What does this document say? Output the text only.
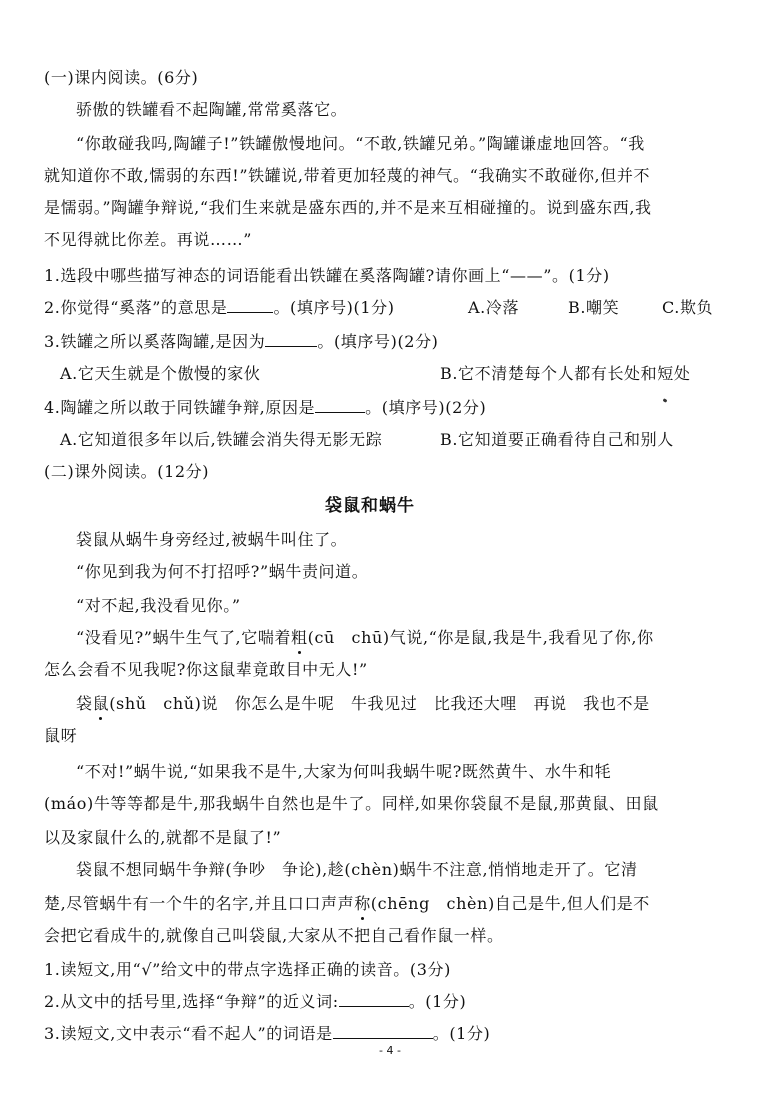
(一)课内阅读。(6分)
骄傲的铁罐看不起陶罐,常常奚落它。
“你敢碰我吗,陶罐子!”铁罐傲慢地问。“不敢,铁罐兄弟。”陶罐谦虚地回答。“我
就知道你不敢,懦弱的东西!”铁罐说,带着更加轻蔑的神气。“我确实不敢碰你,但并不
是懦弱。”陶罐争辩说,“我们生来就是盛东西的,并不是来互相碰撞的。说到盛东西,我
不见得就比你差。再说……”
1.选段中哪些描写神态的词语能看出铁罐在奚落陶罐?请你画上“——”。(1分)
2.你觉得“奚落”的意思是	。(填序号)(1分)	A.冷落	B.嘲笑	C.欺负
3.铁罐之所以奚落陶罐,是因为	。(填序号)(2分)
A.它天生就是个傲慢的家伙	B.它不清楚每个人都有长处和短处
4.陶罐之所以敢于同铁罐争辩,原因是	。(填序号)(2分)
A.它知道很多年以后,铁罐会消失得无影无踪	B.它知道要正确看待自己和别人
(二)课外阅读。(12分)
袋鼠和蜗牛
袋鼠从蜗牛身旁经过,被蜗牛叫住了。
“你见到我为何不打招呼?”蜗牛责问道。
“对不起,我没看见你。”
“没看见?”蜗牛生气了,它喘着粗(cū　chū)气说,“你是鼠,我是牛,我看见了你,你
怎么会看不见我呢?你这鼠辈竟敢目中无人!”
袋鼠(shǔ　chǔ)说　你怎么是牛呢　牛我见过　比我还大哩　再说　我也不是
鼠呀
“不对!”蜗牛说,“如果我不是牛,大家为何叫我蜗牛呢?既然黄牛、水牛和牦
(máo)牛等等都是牛,那我蜗牛自然也是牛了。同样,如果你袋鼠不是鼠,那黄鼠、田鼠
以及家鼠什么的,就都不是鼠了!”
袋鼠不想同蜗牛争辩(争吵　争论),趁(chèn)蜗牛不注意,悄悄地走开了。它清
楚,尽管蜗牛有一个牛的名字,并且口口声声称(chēng　chèn)自己是牛,但人们是不
会把它看成牛的,就像自己叫袋鼠,大家从不把自己看作鼠一样。
1.读短文,用“√”给文中的带点字选择正确的读音。(3分)
2.从文中的括号里,选择“争辩”的近义词:	。(1分)
3.读短文,文中表示“看不起人”的词语是	。(1分)
- 4 -
